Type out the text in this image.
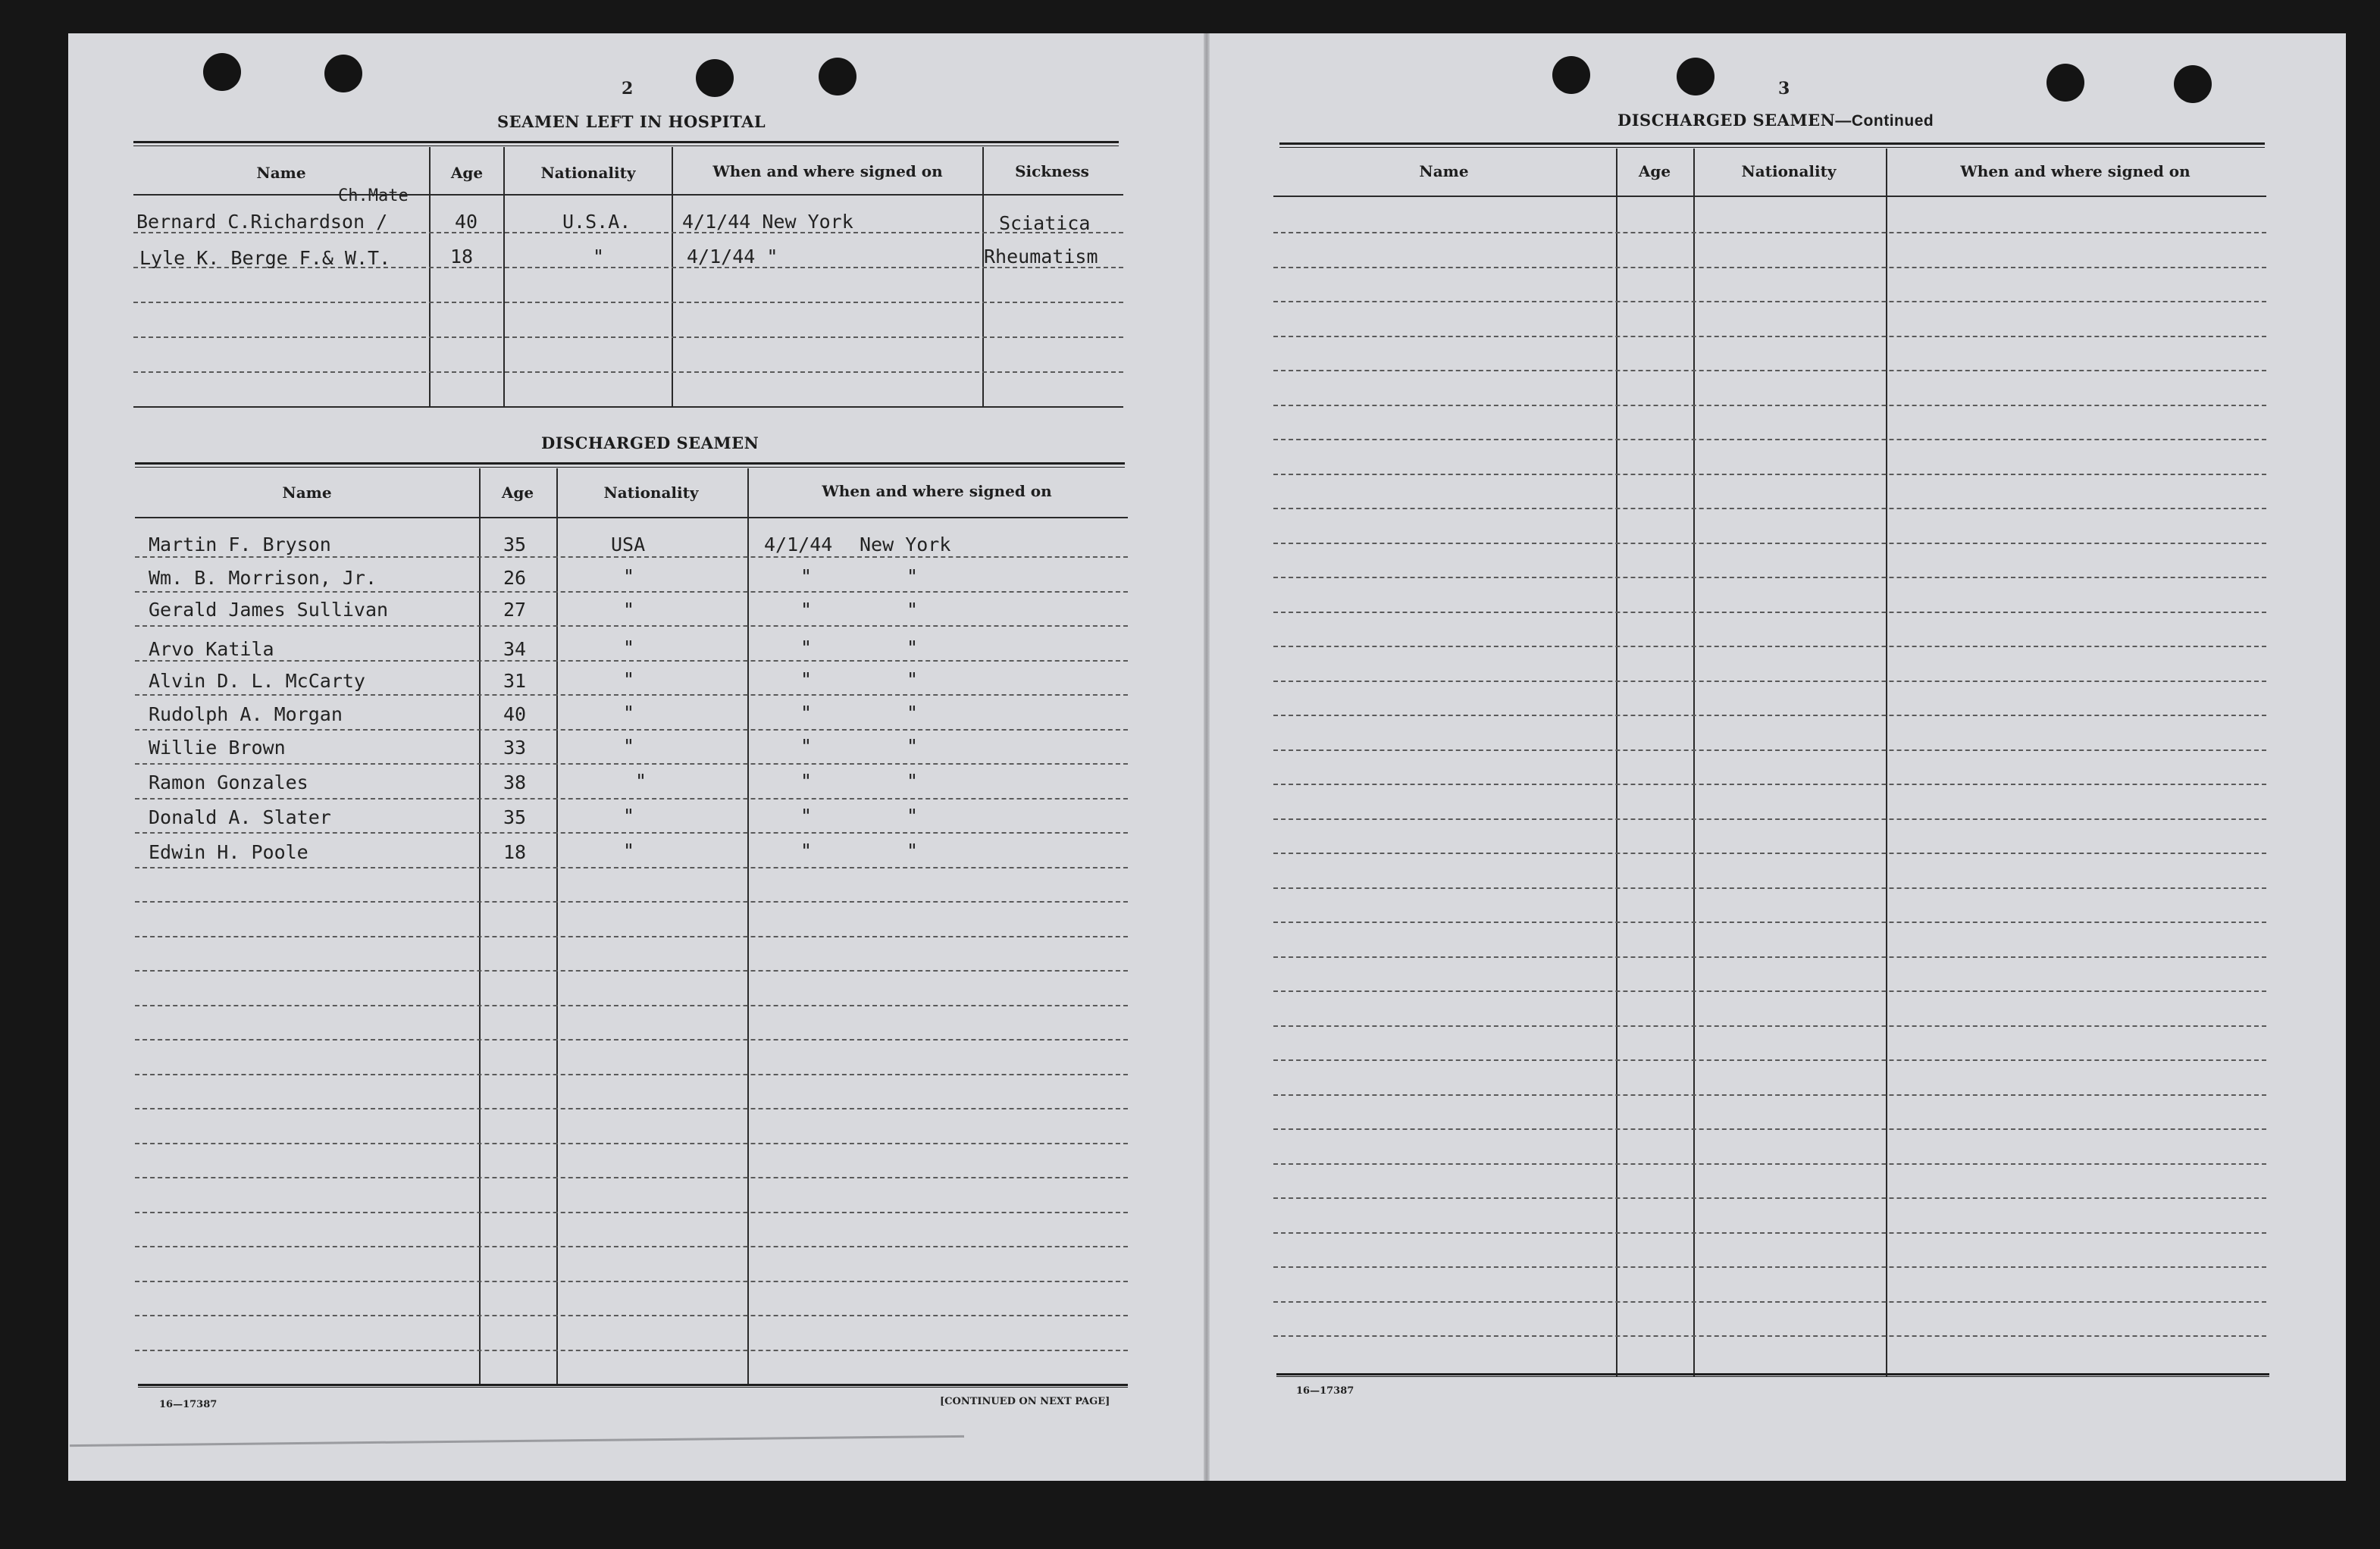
2
SEAMEN LEFT IN HOSPITAL
Name	Age	Nationality	When and where signed on	Sickness
Ch.Mate
Bernard C.Richardson /	40	U.S.A.	4/1/44 New York	Sciatica
Lyle K. Berge F.& W.T.	18	"	4/1/44 "	Rheumatism
DISCHARGED SEAMEN
Name	Age	Nationality	When and where signed on
Martin F. Bryson	35	USA	4/1/44 New York
Wm. B. Morrison, Jr.	26	"	"	"
Gerald James Sullivan	27	"	"	"
Arvo Katila	34	"	"	"
Alvin D. L. McCarty	31	"	"	"
Rudolph A. Morgan	40	"	"	"
Willie Brown	33	"	"	"
Ramon Gonzales	38	"	"	"
Donald A. Slater	35	"	"	"
Edwin H. Poole	18	"	"	"
16—17387	[CONTINUED ON NEXT PAGE]
3
DISCHARGED SEAMEN—Continued
Name	Age	Nationality	When and where signed on
16—17387
